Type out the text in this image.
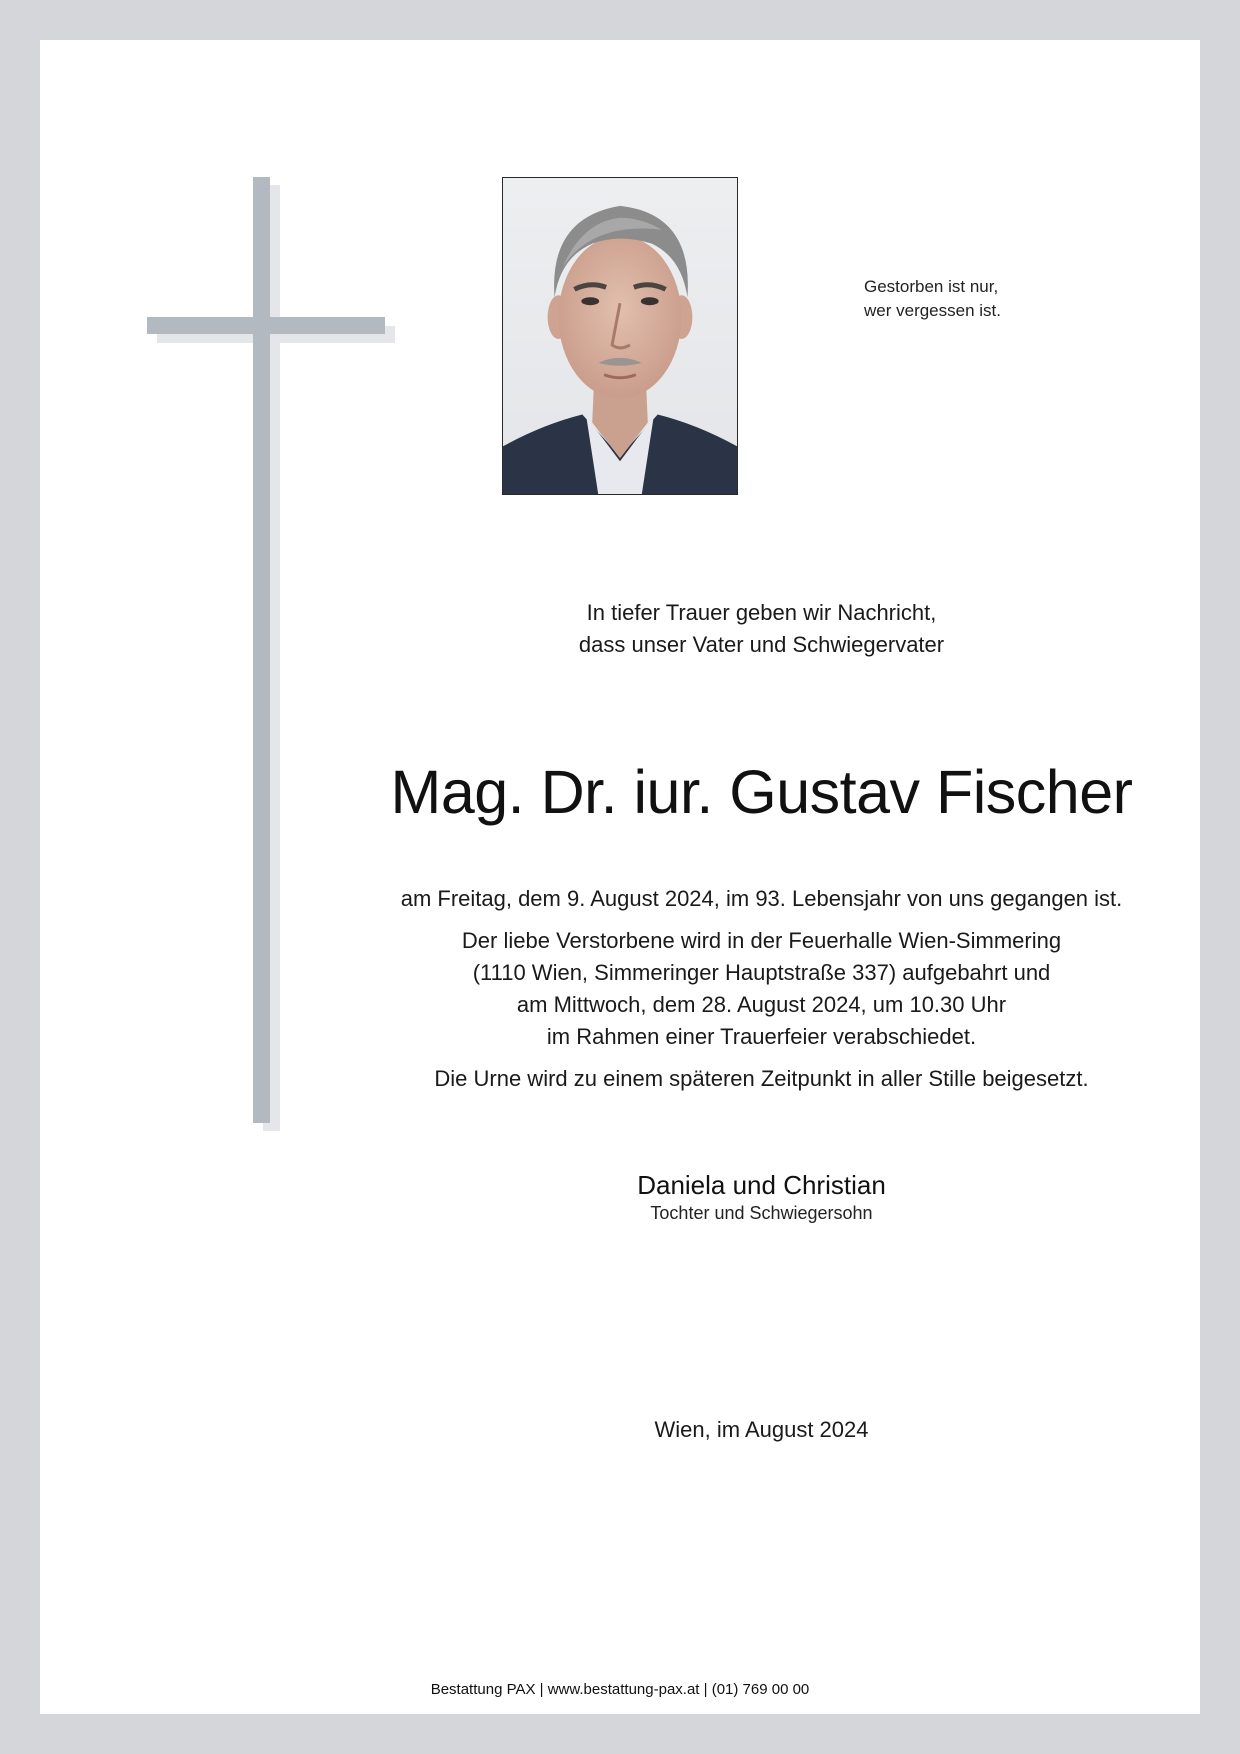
Gestorben ist nur,
wer vergessen ist.
In tiefer Trauer geben wir Nachricht,
dass unser Vater und Schwiegervater
Mag. Dr. iur. Gustav Fischer
am Freitag, dem 9. August 2024, im 93. Lebensjahr von uns gegangen ist.
Der liebe Verstorbene wird in der Feuerhalle Wien-Simmering
(1110 Wien, Simmeringer Hauptstraße 337) aufgebahrt und
am Mittwoch, dem 28. August 2024, um 10.30 Uhr
im Rahmen einer Trauerfeier verabschiedet.
Die Urne wird zu einem späteren Zeitpunkt in aller Stille beigesetzt.
Daniela und Christian
Tochter und Schwiegersohn
Wien, im August 2024
Bestattung PAX | www.bestattung-pax.at | (01) 769 00 00
